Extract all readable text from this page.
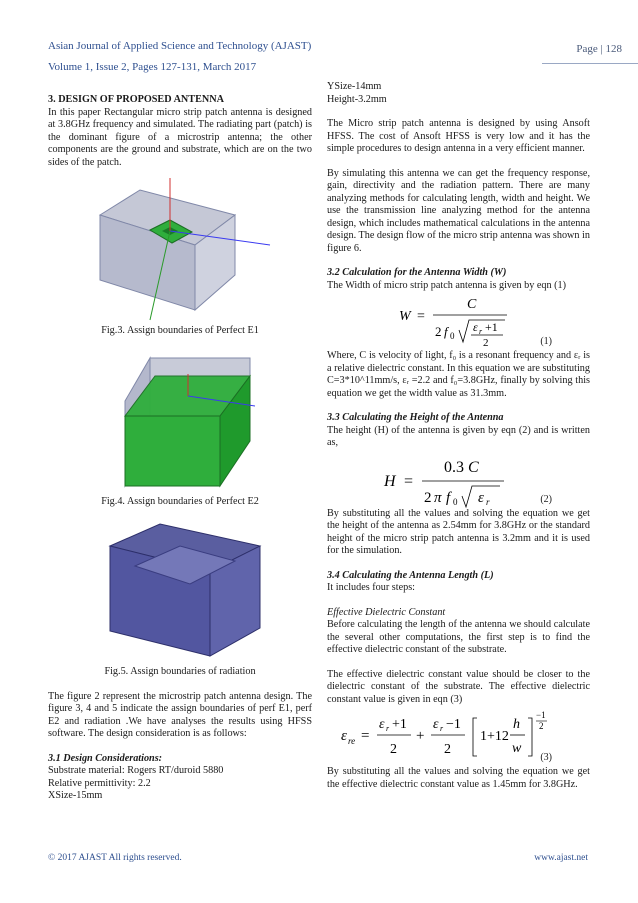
Asian Journal of Applied Science and Technology (AJAST)
Volume 1, Issue 2, Pages 127-131, March 2017
Page | 128

3. DESIGN OF PROPOSED ANTENNA

In this paper Rectangular micro strip patch antenna is designed at 3.8GHz frequency and simulated. The radiating part (patch) is the dominant figure of a microstrip antenna; the other components are the ground and substrate, which are on the two sides of the patch.

Fig.3. Assign boundaries of Perfect E1

Fig.4. Assign boundaries of Perfect E2

Fig.5. Assign boundaries of radiation

The figure 2 represent the microstrip patch antenna design. The figure 3, 4 and 5 indicate the assign boundaries of perf E1, perf E2 and radiation .We have analyses the results using HFSS software. The design consideration is as follows:

3.1 Design Considerations:

Substrate material: Rogers RT/duroid 5880

Relative permittivity: 2.2

XSize-15mm

YSize-14mm

Height-3.2mm

The Micro strip patch antenna is designed by using Ansoft HFSS. The cost of Ansoft HFSS is very low and it has the simple procedures to design antenna in a very efficient manner.

By simulating this antenna we can get the frequency response, gain, directivity and the radiation pattern. There are many analyzing methods for calculating length, width and height. We use the transmission line analyzing method for the antenna design, which includes mathematical calculations in the antenna design. The design flow of the micro strip antenna was shown in figure 6.

3.2 Calculation for the Antenna Width (W)

The Width of micro strip patch antenna is given by eqn (1)

W =
C
2 f 0
ε r +1
2	(1)

Where, C is velocity of light, f₀ is a resonant frequency and εᵣ is a relative dielectric constant. In this equation we are substituting C=3*10^11mm/s, εᵣ =2.2 and f₀=3.8GHz, finally by solving this equation we get the width value as 31.3mm.

3.3 Calculating the Height of the Antenna

The height (H) of the antenna is given by eqn (2) and is written as,

H =
0.3 C
2 π f 0 ε r	(2)

By substituting all the values and solving the equation we get the height of the antenna as 2.54mm for 3.8GHz or the standard height of the micro strip patch antenna is 3.2mm and it is used for the simulation.

3.4 Calculating the Antenna Length (L)

It includes four steps:

Effective Dielectric Constant

Before calculating the length of the antenna we should calculate the several other computations, the first step is to find the effective dielectric constant of the substrate.

The effective dielectric constant value should be closer to the dielectric constant of the substrate. The effective dielectric constant value is given in eqn (3)

ε re =
ε r +1
2
+
ε r −1
2
1+12
h
w
−1
2
(3)

By substituting all the values and solving the equation we get the effective dielectric constant value as 1.45mm for 3.8GHz.

© 2017 AJAST All rights reserved.	www.ajast.net
